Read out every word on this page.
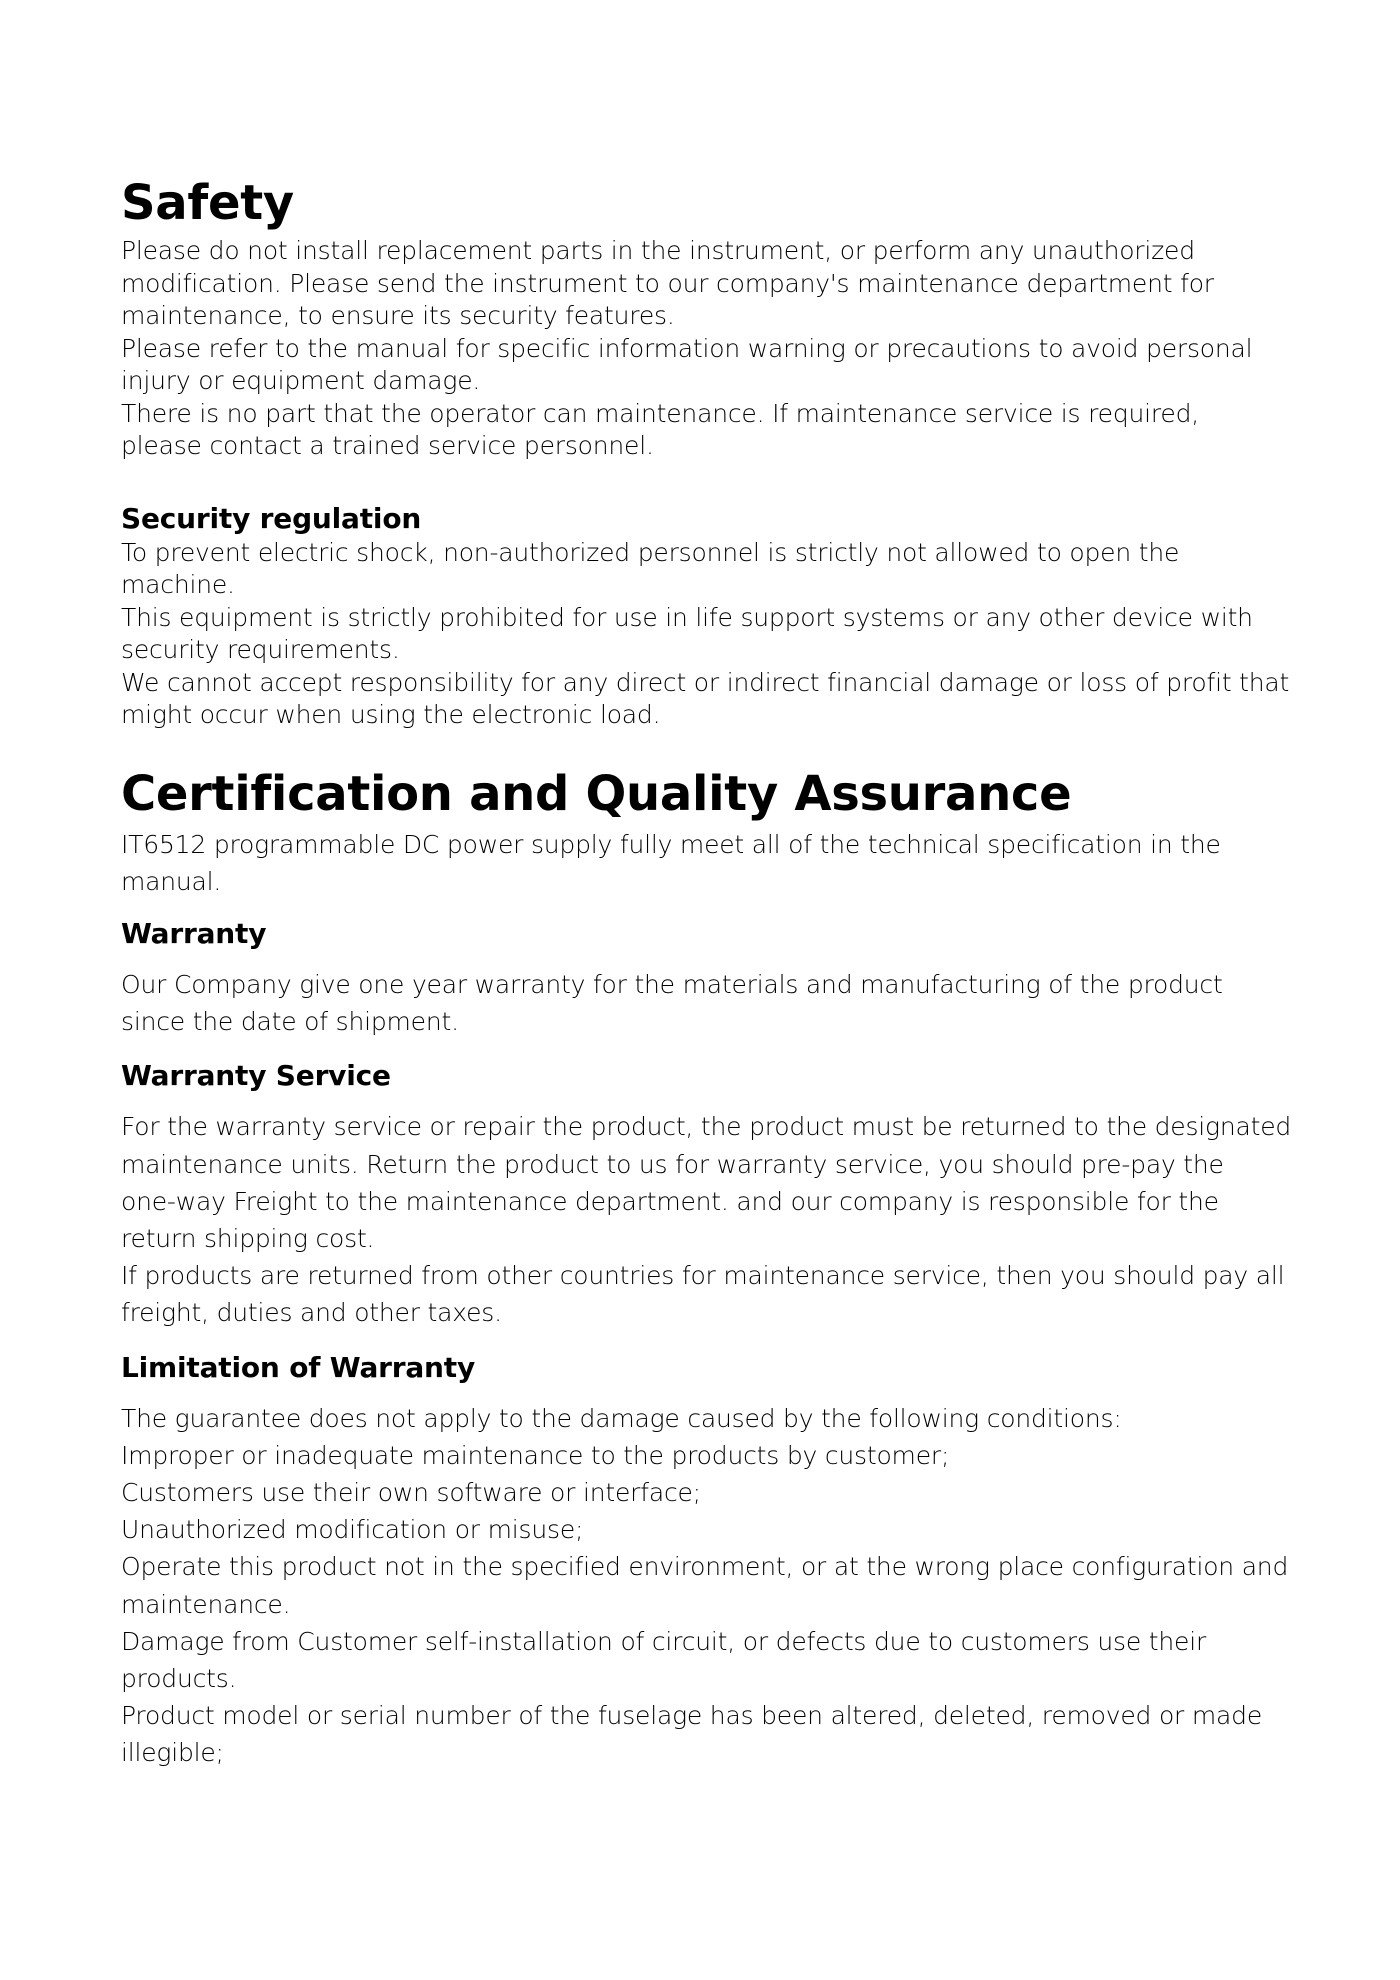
Safety

Please do not install replacement parts in the instrument, or perform any unauthorized

modification. Please send the instrument to our company's maintenance department for

maintenance, to ensure its security features.

Please refer to the manual for specific information warning or precautions to avoid personal

injury or equipment damage.

There is no part that the operator can maintenance. If maintenance service is required,

please contact a trained service personnel.

Security regulation

To prevent electric shock, non-authorized personnel is strictly not allowed to open the

machine.

This equipment is strictly prohibited for use in life support systems or any other device with

security requirements.

We cannot accept responsibility for any direct or indirect financial damage or loss of profit that

might occur when using the electronic load.

Certification and Quality Assurance

IT6512 programmable DC power supply fully meet all of the technical specification in the

manual.

Warranty

Our Company give one year warranty for the materials and manufacturing of the product

since the date of shipment.

Warranty Service

For the warranty service or repair the product, the product must be returned to the designated

maintenance units. Return the product to us for warranty service, you should pre-pay the

one-way Freight to the maintenance department. and our company is responsible for the

return shipping cost.

If products are returned from other countries for maintenance service, then you should pay all

freight, duties and other taxes.

Limitation of Warranty

The guarantee does not apply to the damage caused by the following conditions:

Improper or inadequate maintenance to the products by customer;

Customers use their own software or interface;

Unauthorized modification or misuse;

Operate this product not in the specified environment, or at the wrong place configuration and

maintenance.

Damage from Customer self-installation of circuit, or defects due to customers use their

products.

Product model or serial number of the fuselage has been altered, deleted, removed or made

illegible;
